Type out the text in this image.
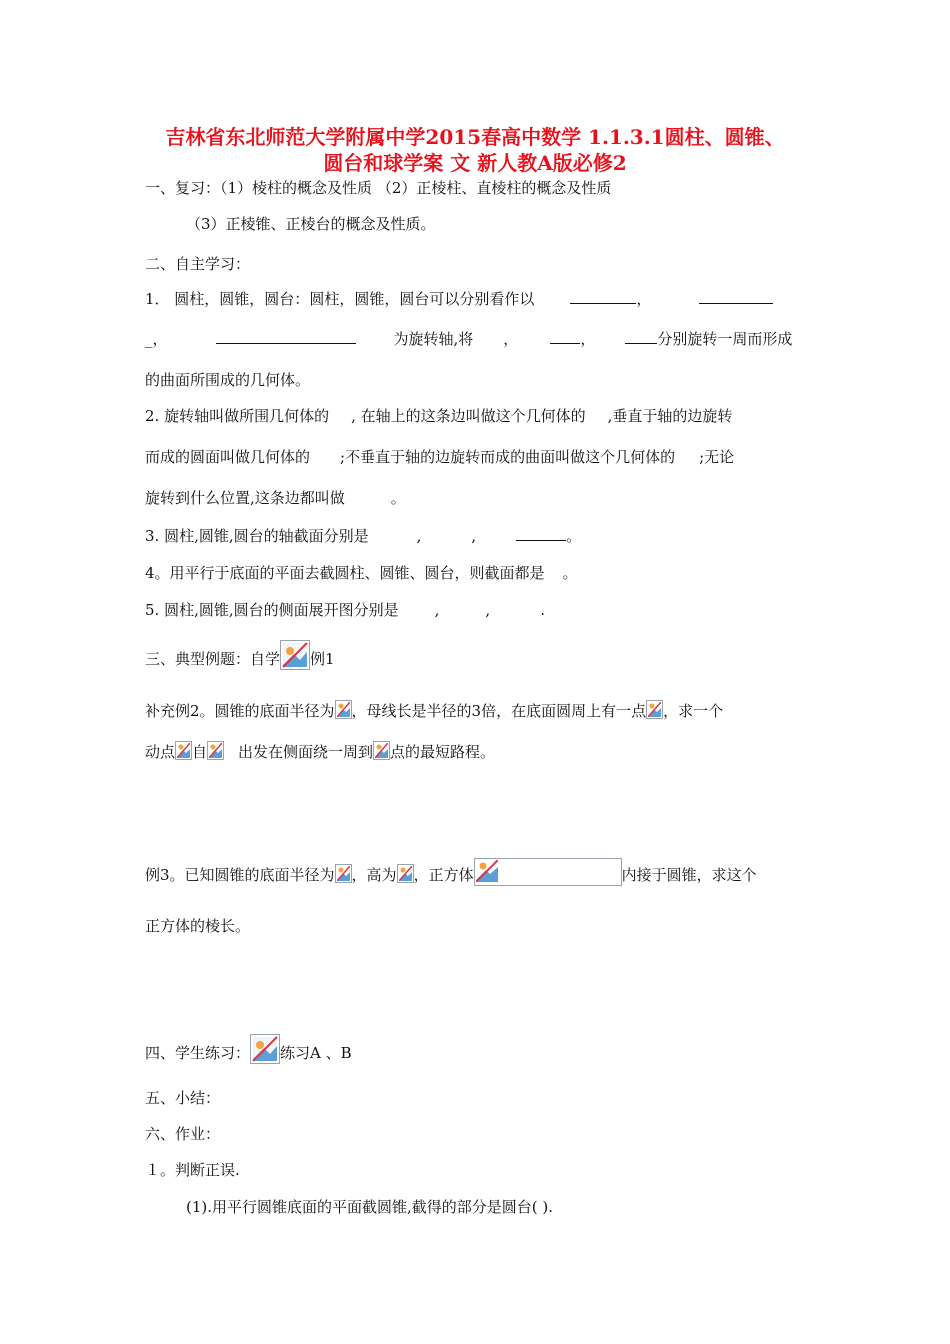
吉林省东北师范大学附属中学2015春高中数学 1.1.3.1圆柱、圆锥、
圆台和球学案 文 新人教A版必修2
一、复习：（1）棱柱的概念及性质 （2）正棱柱、直棱柱的概念及性质
（3）正棱锥、正棱台的概念及性质。
二、自主学习：
1． 圆柱，圆锥，圆台：圆柱，圆锥，圆台可以分别看作以	，
_，	为旋转轴,将 ，	，	分别旋转一周而形成
的曲面所围成的几何体。
2. 旋转轴叫做所围几何体的 , 在轴上的这条边叫做这个几何体的 ,垂直于轴的边旋转
而成的圆面叫做几何体的 ;不垂直于轴的边旋转而成的曲面叫做这个几何体的 ;无论
旋转到什么位置,这条边都叫做	。
3. 圆柱,圆锥,圆台的轴截面分别是	,	,	。
4。用平行于底面的平面去截圆柱、圆锥、圆台，则截面都是 。
5. 圆柱,圆锥,圆台的侧面展开图分别是 ,	,	.
三、典型例题：自学 例1
补充例2。圆锥的底面半径为 ，母线长是半径的3倍，在底面圆周上有一点 ，求一个
动点 自 出发在侧面绕一周到 点的最短路程。
例3。已知圆锥的底面半径为 ，高为 ，正方体	内接于圆锥，求这个
正方体的棱长。
四、学生练习： 练习A 、B
五、小结：
六、作业：
１。判断正误.
(1).用平行圆锥底面的平面截圆锥,截得的部分是圆台( ).
